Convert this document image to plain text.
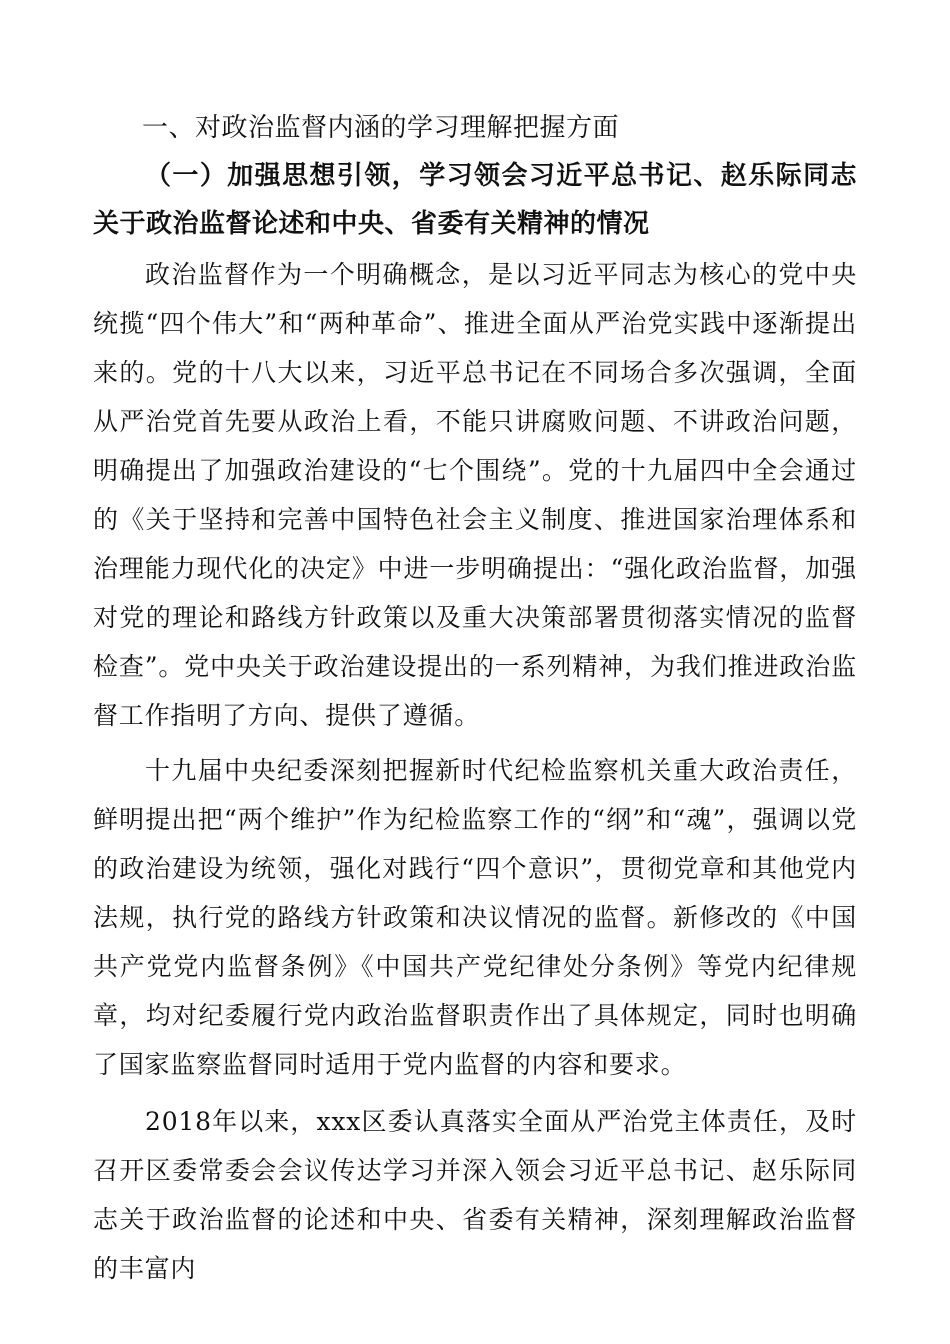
一、对政治监督内涵的学习理解把握方面
（一）加强思想引领，学习领会习近平总书记、赵乐际同志关于政治监督论述和中央、省委有关精神的情况
政治监督作为一个明确概念，是以习近平同志为核心的党中央统揽“四个伟大”和“两种革命”、推进全面从严治党实践中逐渐提出来的。党的十八大以来，习近平总书记在不同场合多次强调，全面从严治党首先要从政治上看，不能只讲腐败问题、不讲政治问题，明确提出了加强政治建设的“七个围绕”。党的十九届四中全会通过的《关于坚持和完善中国特色社会主义制度、推进国家治理体系和治理能力现代化的决定》中进一步明确提出：“强化政治监督，加强对党的理论和路线方针政策以及重大决策部署贯彻落实情况的监督检查”。党中央关于政治建设提出的一系列精神，为我们推进政治监督工作指明了方向、提供了遵循。
十九届中央纪委深刻把握新时代纪检监察机关重大政治责任，鲜明提出把“两个维护”作为纪检监察工作的“纲”和“魂”，强调以党的政治建设为统领，强化对践行“四个意识”，贯彻党章和其他党内法规，执行党的路线方针政策和决议情况的监督。新修改的《中国共产党党内监督条例》《中国共产党纪律处分条例》等党内纪律规章，均对纪委履行党内政治监督职责作出了具体规定，同时也明确了国家监察监督同时适用于党内监督的内容和要求。
2018年以来，xxx区委认真落实全面从严治党主体责任，及时召开区委常委会会议传达学习并深入领会习近平总书记、赵乐际同志关于政治监督的论述和中央、省委有关精神，深刻理解政治监督的丰富内
